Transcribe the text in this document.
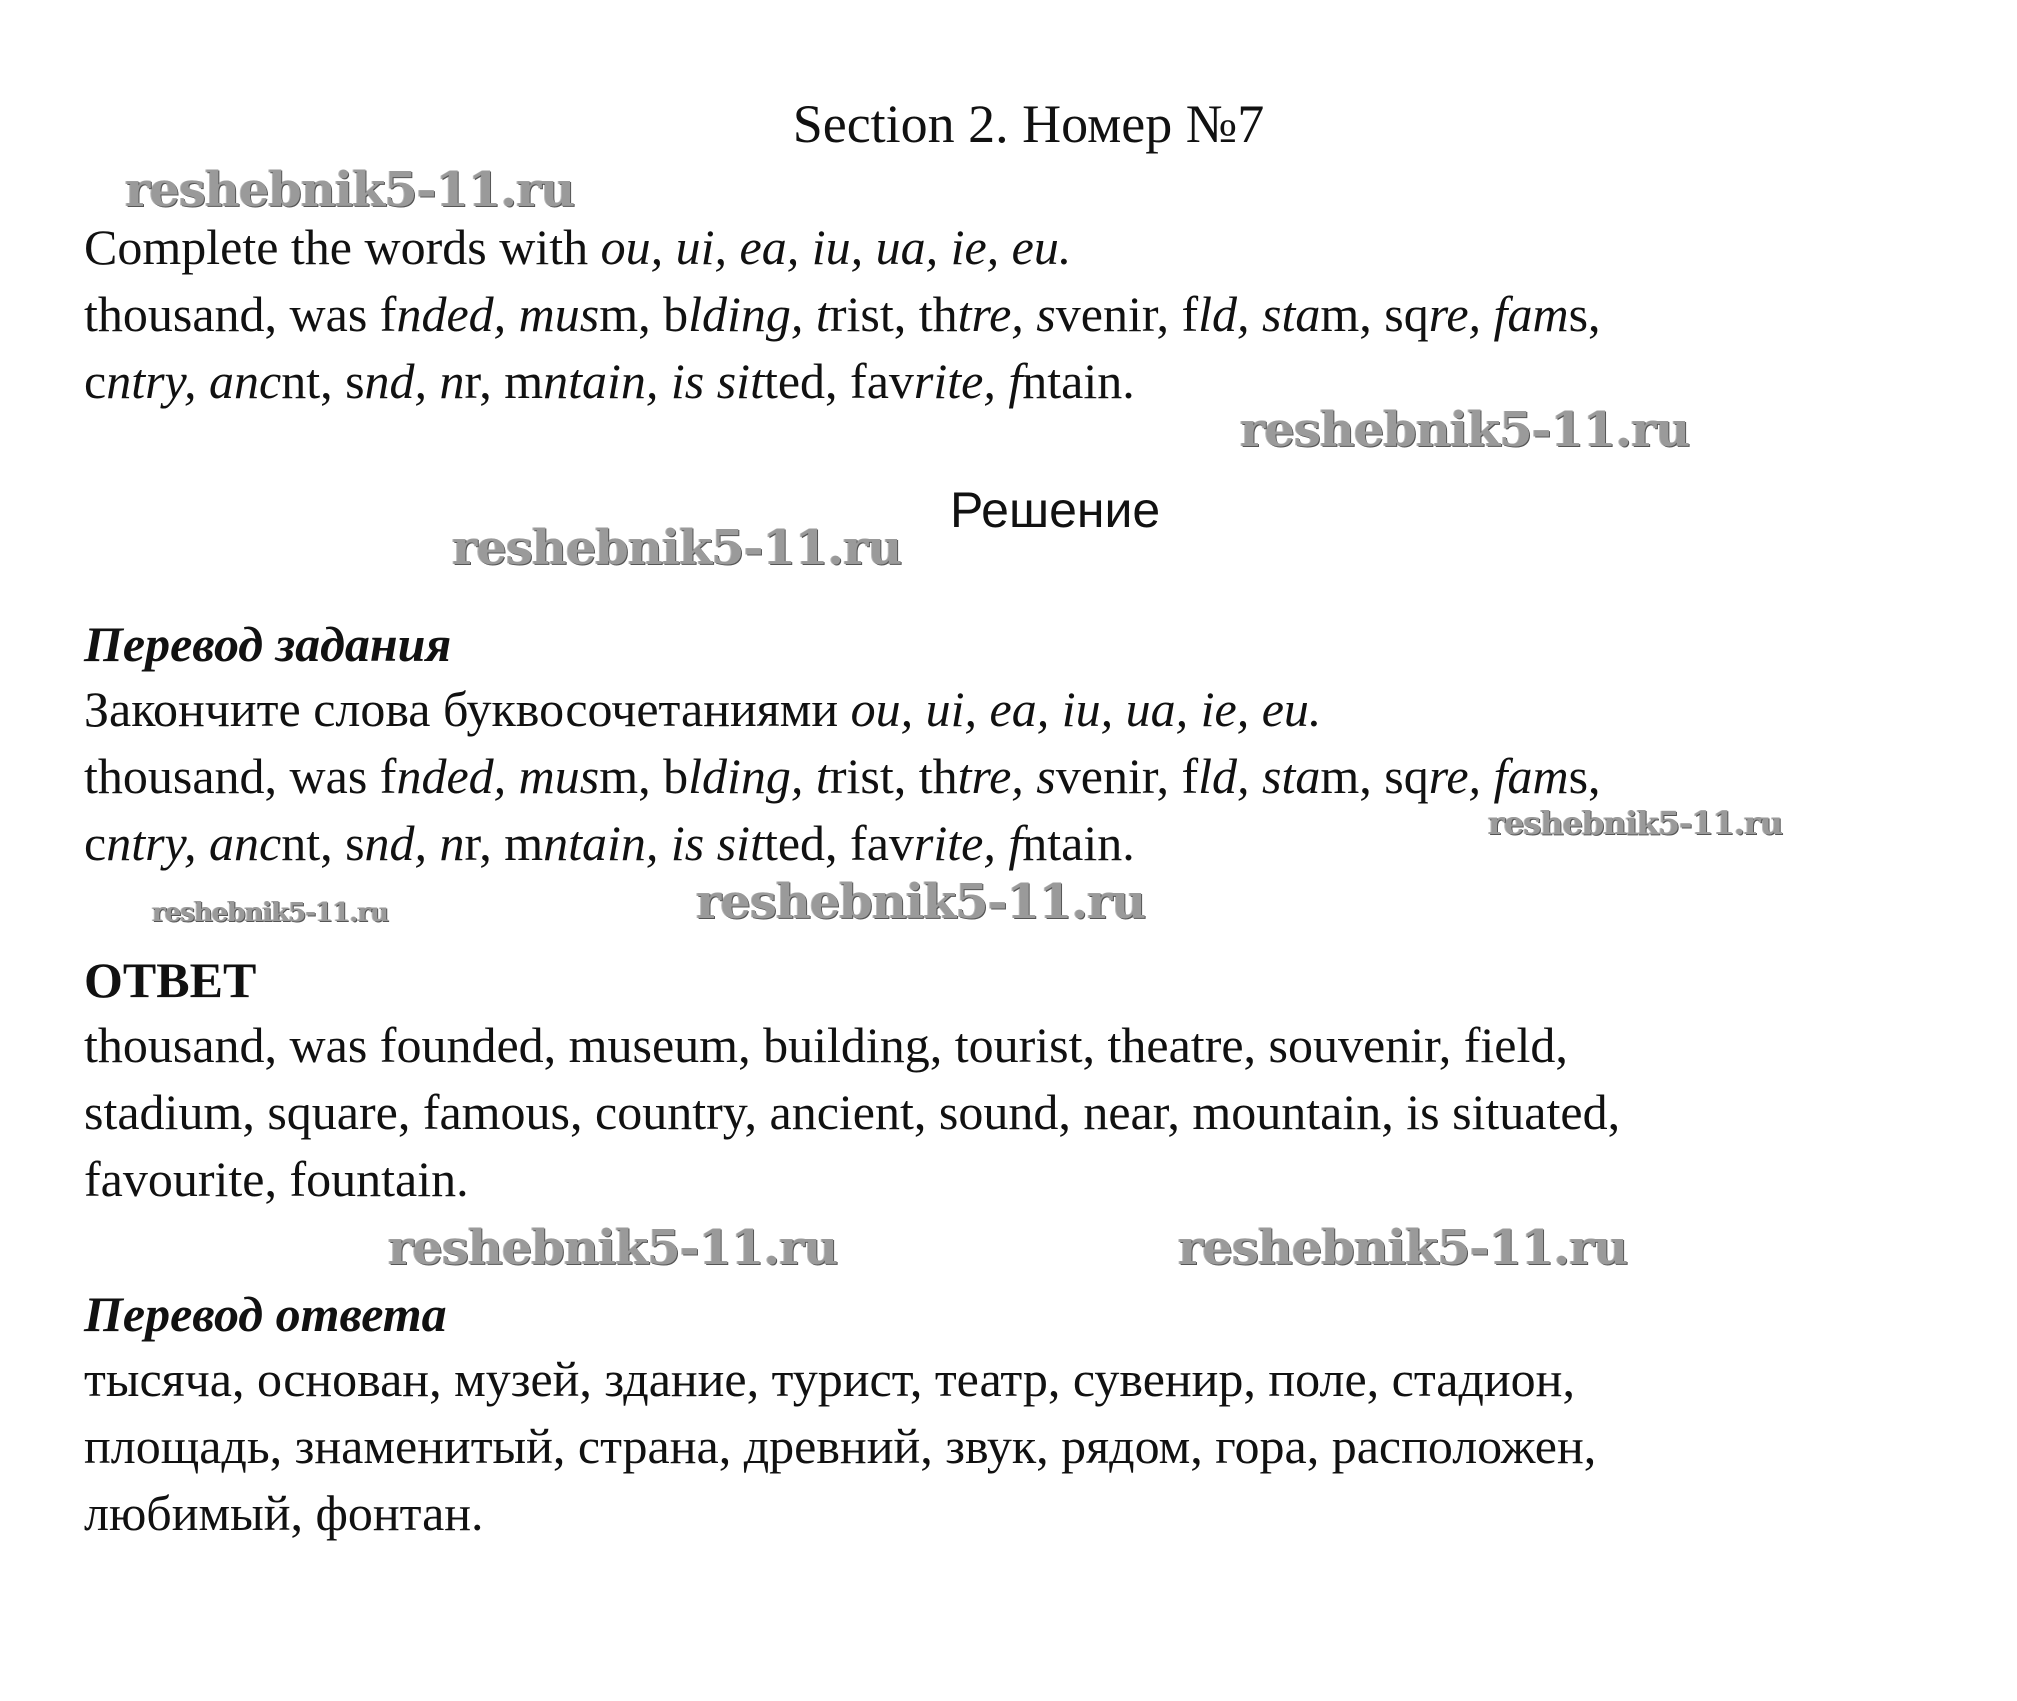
Section 2. Номер №7
reshebnik5-11.ru
Complete the words with ou, ui, ea, iu, ua, ie, eu.
thousand, was fnded, musm, blding, trist, thtre, svenir, fld, stam, sqre, fams,
cntry, ancnt, snd, nr, mntain, is sitted, favrite, fntain.
reshebnik5-11.ru
Решение
reshebnik5-11.ru
Перевод задания
Закончите слова буквосочетаниями ou, ui, ea, iu, ua, ie, eu.
thousand, was fnded, musm, blding, trist, thtre, svenir, fld, stam, sqre, fams,
cntry, ancnt, snd, nr, mntain, is sitted, favrite, fntain.	reshebnik5-11.ru
reshebnik5-11.ru	reshebnik5-11.ru
ОТВЕТ
thousand, was founded, museum, building, tourist, theatre, souvenir, field,
stadium, square, famous, country, ancient, sound, near, mountain, is situated,
favourite, fountain.
reshebnik5-11.ru	reshebnik5-11.ru
Перевод ответа
тысяча, основан, музей, здание, турист, театр, сувенир, поле, стадион,
площадь, знаменитый, страна, древний, звук, рядом, гора, расположен,
любимый, фонтан.
